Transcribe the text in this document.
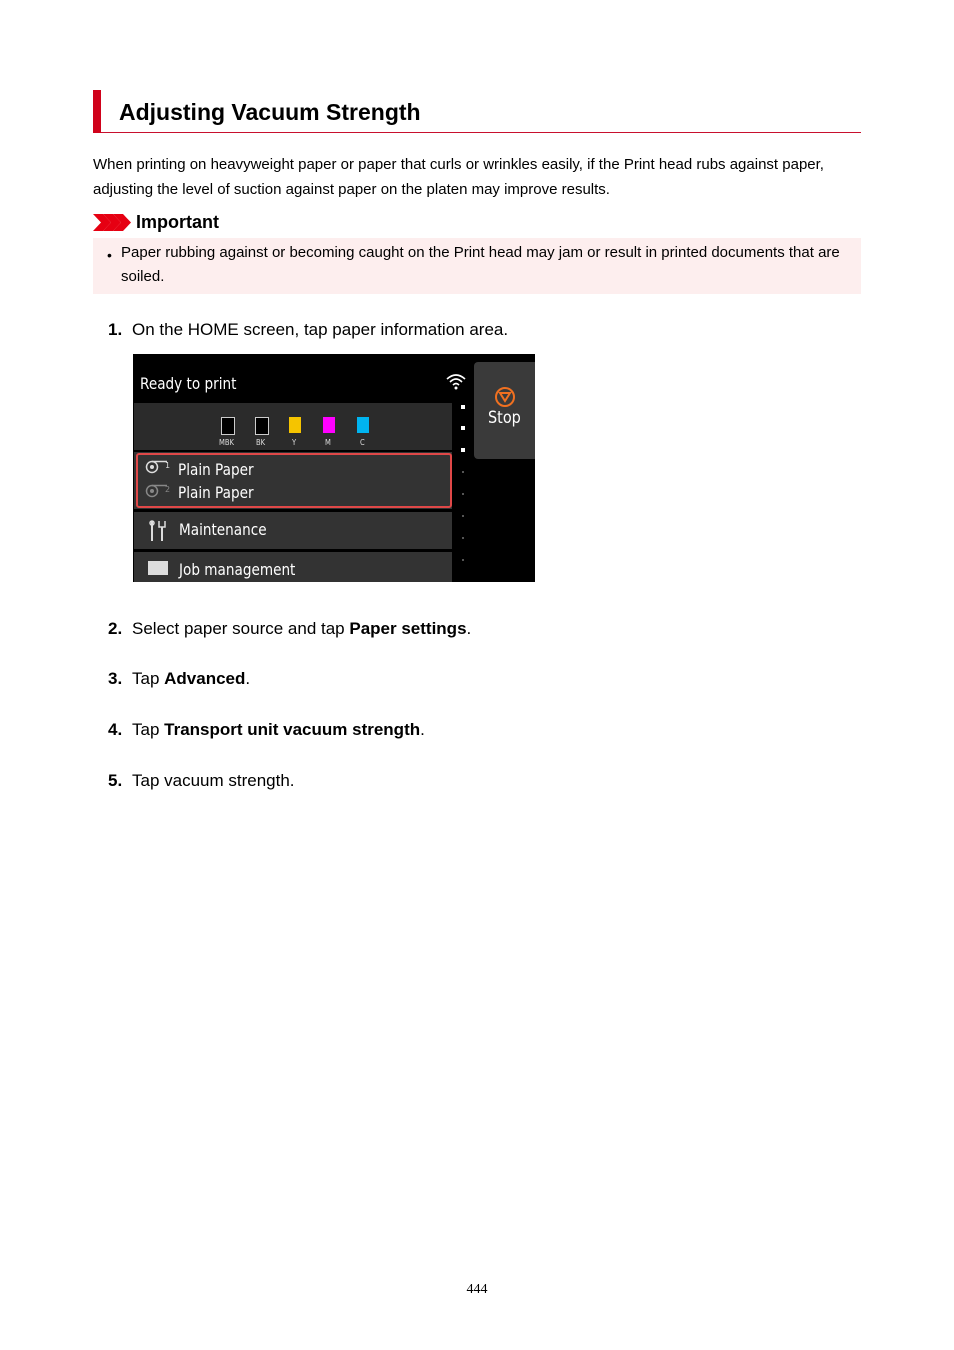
Adjusting Vacuum Strength

When printing on heavyweight paper or paper that curls or wrinkles easily, if the Print head rubs against paper, adjusting the level of suction against paper on the platen may improve results.

Important
• Paper rubbing against or becoming caught on the Print head may jam or result in printed documents that are soiled.

1. On the HOME screen, tap paper information area.
Ready to print
Stop
MBK	BK	Y	M	C
1 Plain Paper
2 Plain Paper
Maintenance
Job management
2. Select paper source and tap Paper settings.
3. Tap Advanced.
4. Tap Transport unit vacuum strength.
5. Tap vacuum strength.
444
